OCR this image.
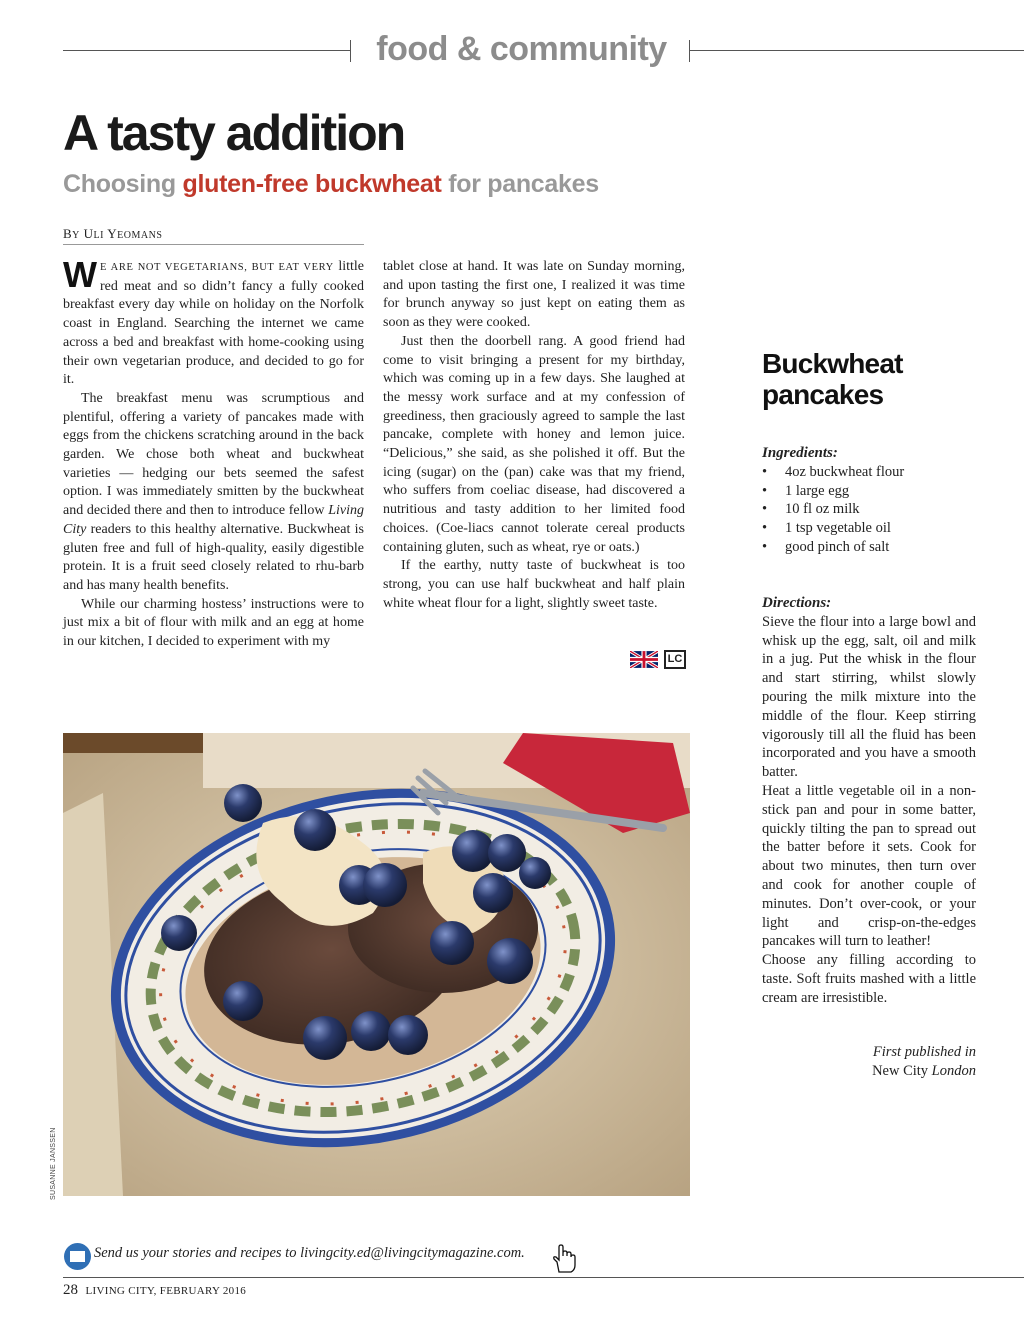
food & community
A tasty addition
Choosing gluten-free buckwheat for pancakes
BY ULI YEOMANS

WE ARE NOT VEGETARIANS, BUT EAT VERY little red meat and so didn’t fancy a fully cooked breakfast every day while on holiday on the Norfolk coast in England. Searching the internet we came across a bed and breakfast with home-cooking using their own vegetarian produce, and decided to go for it.

The breakfast menu was scrumptious and plentiful, offering a variety of pancakes made with eggs from the chickens scratching around in the back garden. We chose both wheat and buckwheat varieties — hedging our bets seemed the safest option. I was immediately smitten by the buckwheat and decided there and then to introduce fellow Living City readers to this healthy alternative. Buckwheat is gluten free and full of high-quality, easily digestible protein. It is a fruit seed closely related to rhu-barb and has many health benefits.

While our charming hostess’ instructions were to just mix a bit of flour with milk and an egg at home in our kitchen, I decided to experiment with my

tablet close at hand. It was late on Sunday morning, and upon tasting the first one, I realized it was time for brunch anyway so just kept on eating them as soon as they were cooked.

Just then the doorbell rang. A good friend had come to visit bringing a present for my birthday, which was coming up in a few days. She laughed at the messy work surface and at my confession of greediness, then graciously agreed to sample the last pancake, complete with honey and lemon juice. “Delicious,” she said, as she polished it off. But the icing (sugar) on the (pan) cake was that my friend, who suffers from coeliac disease, had discovered a nutritious and tasty addition to her limited food choices. (Coe-liacs cannot tolerate cereal products containing gluten, such as wheat, rye or oats.)

If the earthy, nutty taste of buckwheat is too strong, you can use half buckwheat and half plain white wheat flour for a light, slightly sweet taste.

LC
SUSANNE JANSSEN
Buckwheat
pancakes
Ingredients:
• 4oz buckwheat flour
• 1 large egg
• 10 fl oz milk
• 1 tsp vegetable oil
• good pinch of salt
Directions:

Sieve the flour into a large bowl and whisk up the egg, salt, oil and milk in a jug. Put the whisk in the flour and start stirring, whilst slowly pouring the milk mixture into the middle of the flour. Keep stirring vigorously till all the fluid has been incorporated and you have a smooth batter.

Heat a little vegetable oil in a non-stick pan and pour in some batter, quickly tilting the pan to spread out the batter before it sets. Cook for about two minutes, then turn over and cook for another couple of minutes. Don’t over-cook, or your light and crisp-on-the-edges pancakes will turn to leather!

Choose any filling according to taste. Soft fruits mashed with a little cream are irresistible.

First published in
New City London
Send us your stories and recipes to livingcity.ed@livingcitymagazine.com.
28 LIVING CITY, FEBRUARY 2016
